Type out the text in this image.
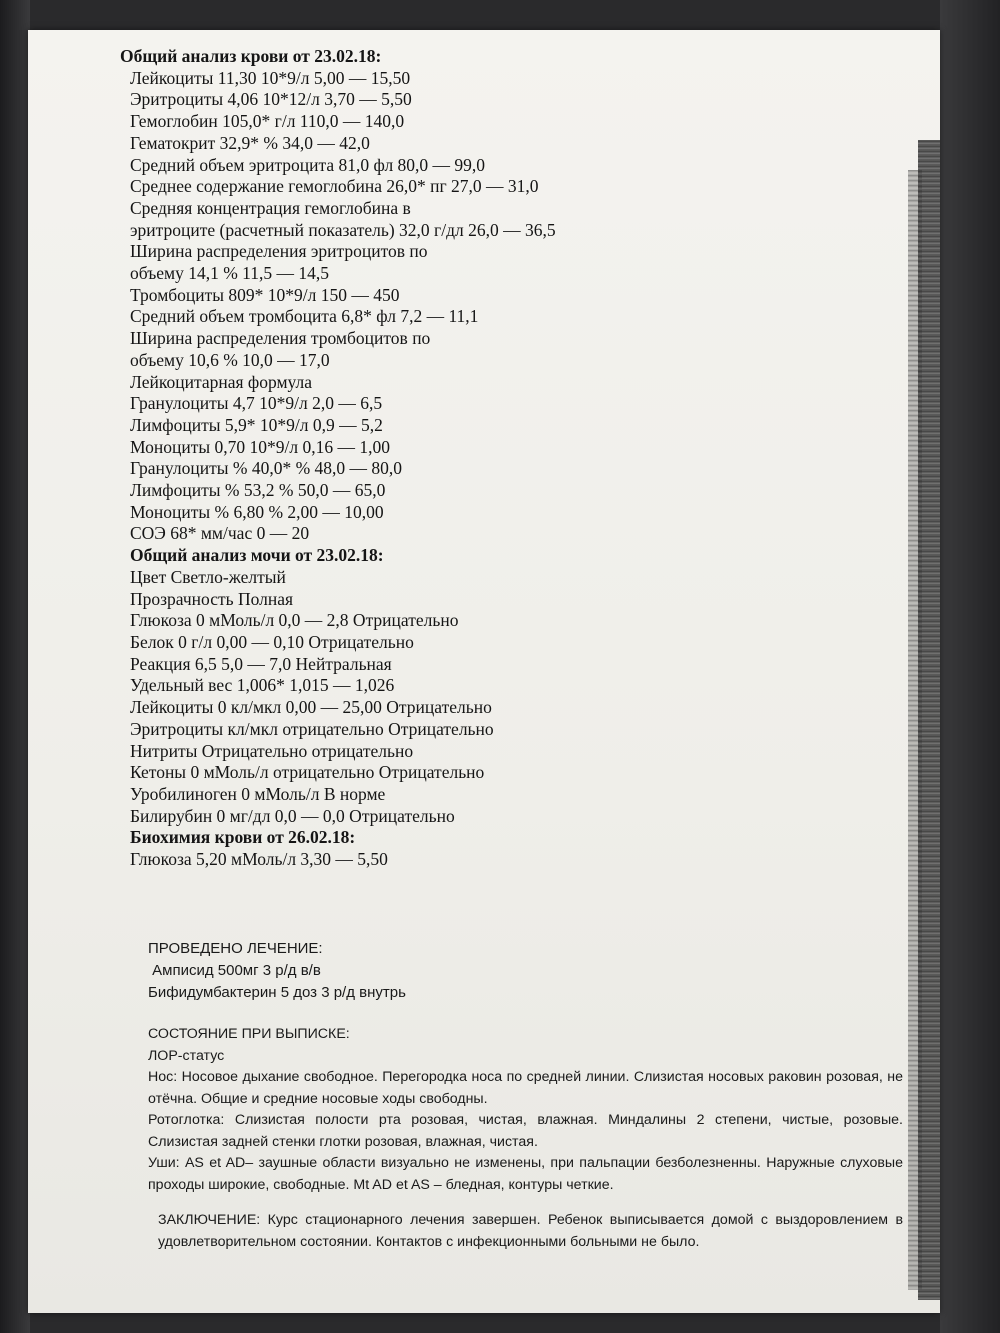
Общий анализ крови от 23.02.18:
Лейкоциты 11,30 10*9/л 5,00 — 15,50
Эритроциты 4,06 10*12/л 3,70 — 5,50
Гемоглобин 105,0* г/л 110,0 — 140,0
Гематокрит 32,9* % 34,0 — 42,0
Средний объем эритроцита 81,0 фл 80,0 — 99,0
Среднее содержание гемоглобина 26,0* пг 27,0 — 31,0
Средняя концентрация гемоглобина в
эритроците (расчетный показатель) 32,0 г/дл 26,0 — 36,5
Ширина распределения эритроцитов по
объему 14,1 % 11,5 — 14,5
Тромбоциты 809* 10*9/л 150 — 450
Средний объем тромбоцита 6,8* фл 7,2 — 11,1
Ширина распределения тромбоцитов по
объему 10,6 % 10,0 — 17,0
Лейкоцитарная формула
Гранулоциты 4,7 10*9/л 2,0 — 6,5
Лимфоциты 5,9* 10*9/л 0,9 — 5,2
Моноциты 0,70 10*9/л 0,16 — 1,00
Гранулоциты % 40,0* % 48,0 — 80,0
Лимфоциты % 53,2 % 50,0 — 65,0
Моноциты % 6,80 % 2,00 — 10,00
СОЭ 68* мм/час 0 — 20
Общий анализ мочи от 23.02.18:
Цвет Светло-желтый
Прозрачность Полная
Глюкоза 0 мМоль/л 0,0 — 2,8 Отрицательно
Белок 0 г/л 0,00 — 0,10 Отрицательно
Реакция 6,5 5,0 — 7,0 Нейтральная
Удельный вес 1,006* 1,015 — 1,026
Лейкоциты 0 кл/мкл 0,00 — 25,00 Отрицательно
Эритроциты кл/мкл отрицательно Отрицательно
Нитриты Отрицательно отрицательно
Кетоны 0 мМоль/л отрицательно Отрицательно
Уробилиноген 0 мМоль/л В норме
Билирубин 0 мг/дл 0,0 — 0,0 Отрицательно
Биохимия крови от 26.02.18:
Глюкоза 5,20 мМоль/л 3,30 — 5,50
ПРОВЕДЕНО ЛЕЧЕНИЕ:
Амписид 500мг 3 р/д в/в
Бифидумбактерин 5 доз 3 р/д внутрь
СОСТОЯНИЕ ПРИ ВЫПИСКЕ:
ЛОР-статус
Нос: Носовое дыхание свободное. Перегородка носа по средней линии. Слизистая носовых раковин розовая, не отёчна. Общие и средние носовые ходы свободны.
Ротоглотка: Слизистая полости рта розовая, чистая, влажная. Миндалины 2 степени, чистые, розовые. Слизистая задней стенки глотки розовая, влажная, чистая.
Уши: AS et AD– заушные области визуально не изменены, при пальпации безболезненны. Наружные слуховые проходы широкие, свободные. Mt AD et AS – бледная, контуры четкие.
ЗАКЛЮЧЕНИЕ: Курс стационарного лечения завершен. Ребенок выписывается домой с выздоровлением в удовлетворительном состоянии. Контактов с инфекционными больными не было.
